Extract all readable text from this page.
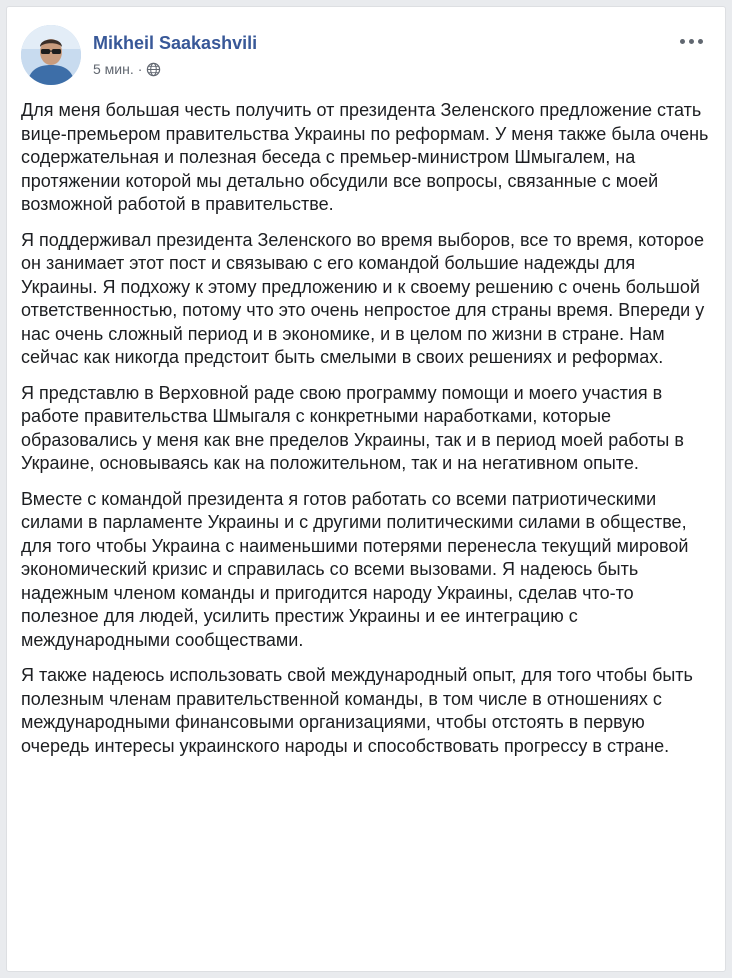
Mikheil Saakashvili
5 мин. ·

Для меня большая честь получить от президента Зеленского предложение стать вице-премьером правительства Украины по реформам. У меня также была очень содержательная и полезная беседа с премьер-министром Шмыгалем, на протяжении которой мы детально обсудили все вопросы, связанные с моей возможной работой в правительстве.

Я поддерживал президента Зеленского во время выборов, все то время, которое он занимает этот пост и связываю с его командой большие надежды для Украины. Я подхожу к этому предложению и к своему решению с очень большой ответственностью, потому что это очень непростое для страны время. Впереди у нас очень сложный период и в экономике, и в целом по жизни в стране. Нам сейчас как никогда предстоит быть смелыми в своих решениях и реформах.

Я представлю в Верховной раде свою программу помощи и моего участия в работе правительства Шмыгаля с конкретными наработками, которые образовались у меня как вне пределов Украины, так и в период моей работы в Украине, основываясь как на положительном, так и на негативном опыте.

Вместе с командой президента я готов работать со всеми патриотическими силами в парламенте Украины и с другими политическими силами в обществе, для того чтобы Украина с наименьшими потерями перенесла текущий мировой экономический кризис и справилась со всеми вызовами. Я надеюсь быть надежным членом команды и пригодится народу Украины, сделав что-то полезное для людей, усилить престиж Украины и ее интеграцию с международными сообществами.

Я также надеюсь использовать свой международный опыт, для того чтобы быть полезным членам правительственной команды, в том числе в отношениях с международными финансовыми организациями, чтобы отстоять в первую очередь интересы украинского народы и способствовать прогрессу в стране.
